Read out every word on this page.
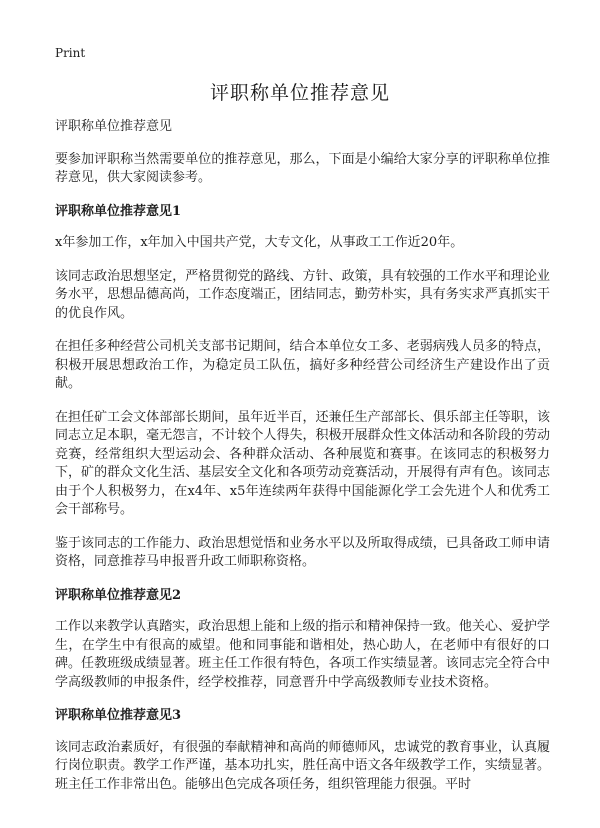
Print
评职称单位推荐意见

评职称单位推荐意见

要参加评职称当然需要单位的推荐意见，那么，下面是小编给大家分享的评职称单位推荐意见，供大家阅读参考。

评职称单位推荐意见1

x年参加工作，x年加入中国共产党，大专文化，从事政工工作近20年。

该同志政治思想坚定，严格贯彻党的路线、方针、政策，具有较强的工作水平和理论业务水平，思想品德高尚，工作态度端正，团结同志，勤劳朴实，具有务实求严真抓实干的优良作风。

在担任多种经营公司机关支部书记期间，结合本单位女工多、老弱病残人员多的特点，积极开展思想政治工作，为稳定员工队伍，搞好多种经营公司经济生产建设作出了贡献。

在担任矿工会文体部部长期间，虽年近半百，还兼任生产部部长、俱乐部主任等职，该同志立足本职，毫无怨言，不计较个人得失，积极开展群众性文体活动和各阶段的劳动竞赛，经常组织大型运动会、各种群众活动、各种展览和赛事。在该同志的积极努力下，矿的群众文化生活、基层安全文化和各项劳动竞赛活动，开展得有声有色。该同志由于个人积极努力，在x4年、x5年连续两年获得中国能源化学工会先进个人和优秀工会干部称号。

鉴于该同志的工作能力、政治思想觉悟和业务水平以及所取得成绩，已具备政工师申请资格，同意推荐马申报晋升政工师职称资格。

评职称单位推荐意见2

工作以来教学认真踏实，政治思想上能和上级的指示和精神保持一致。他关心、爱护学生，在学生中有很高的威望。他和同事能和谐相处，热心助人，在老师中有很好的口碑。任教班级成绩显著。班主任工作很有特色，各项工作实绩显著。该同志完全符合中学高级教师的申报条件，经学校推荐，同意晋升中学高级教师专业技术资格。

评职称单位推荐意见3

该同志政治素质好，有很强的奉献精神和高尚的师德师风，忠诚党的教育事业，认真履行岗位职责。教学工作严谨，基本功扎实，胜任高中语文各年级教学工作，实绩显著。班主任工作非常出色。能够出色完成各项任务，组织管理能力很强。平时
